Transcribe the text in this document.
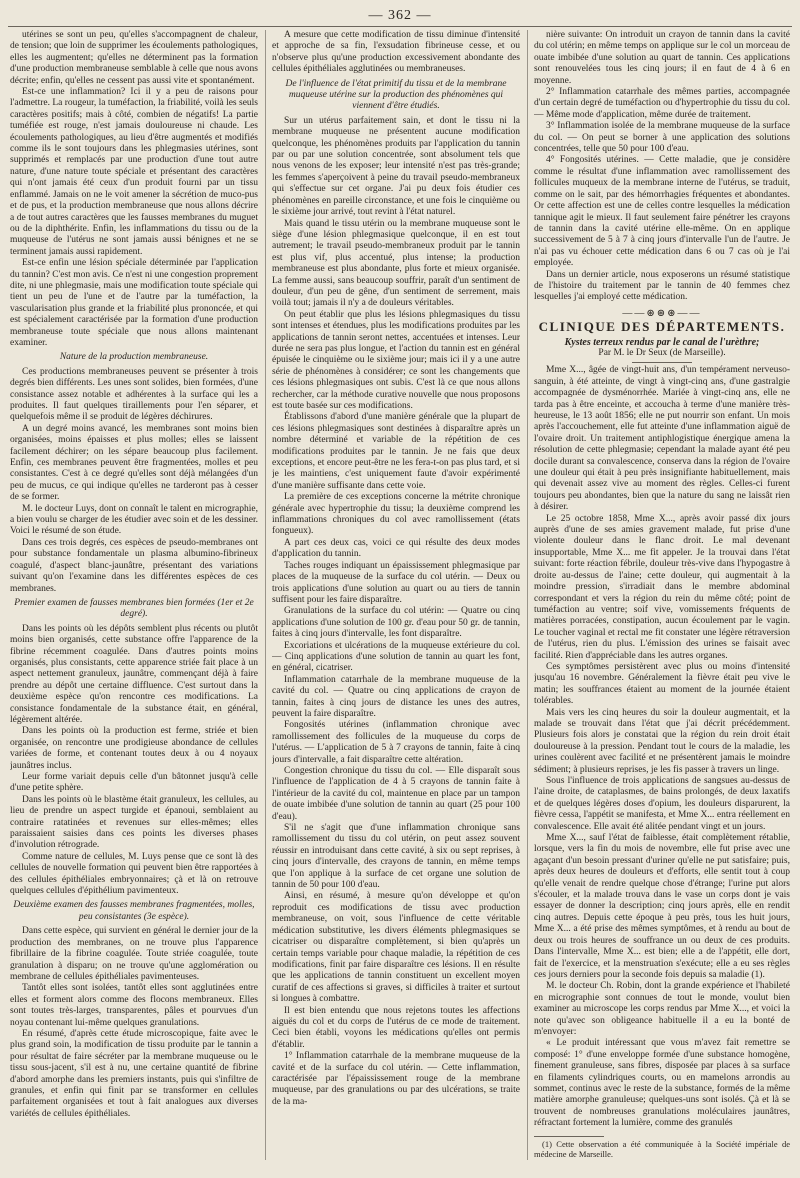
— 362 —

utérines se sont un peu, qu'elles s'accompagnent de chaleur, de tension; que loin de supprimer les écoulements pathologiques, elles les augmentent; qu'elles ne déterminent pas la formation d'une production membraneuse semblable à celle que nous avons décrite; enfin, qu'elles ne cessent pas aussi vite et spontanément.

Est-ce une inflammation? Ici il y a peu de raisons pour l'admettre. La rougeur, la tuméfaction, la friabilité, voilà les seuls caractères positifs; mais à côté, combien de négatifs! La partie tuméfiée est rouge, n'est jamais douloureuse ni chaude. Les écoulements pathologiques, au lieu d'être augmentés et modifiés comme ils le sont toujours dans les phlegmasies utérines, sont supprimés et remplacés par une production d'une tout autre nature, d'une nature toute spéciale et présentant des caractères qui n'ont jamais été ceux d'un produit fourni par un tissu enflammé. Jamais on ne le voit amener la sécrétion de muco-pus et de pus, et la production membraneuse que nous allons décrire a de tout autres caractères que les fausses membranes du muguet ou de la diphthérite. Enfin, les inflammations du tissu ou de la muqueuse de l'utérus ne sont jamais aussi bénignes et ne se terminent jamais aussi rapidement.

Est-ce enfin une lésion spéciale déterminée par l'application du tannin? C'est mon avis. Ce n'est ni une congestion proprement dite, ni une phlegmasie, mais une modification toute spéciale qui tient un peu de l'une et de l'autre par la tuméfaction, la vascularisation plus grande et la friabilité plus prononcée, et qui est spécialement caractérisée par la formation d'une production membraneuse toute spéciale que nous allons maintenant examiner.

Nature de la production membraneuse.

Ces productions membraneuses peuvent se présenter à trois degrés bien différents. Les unes sont solides, bien formées, d'une consistance assez notable et adhérentes à la surface qui les a produites. Il faut quelques tiraillements pour l'en séparer, et quelquefois même il se produit de légères déchirures.

A un degré moins avancé, les membranes sont moins bien organisées, moins épaisses et plus molles; elles se laissent facilement déchirer; on les sépare beaucoup plus facilement. Enfin, ces membranes peuvent être fragmentées, molles et peu consistantes. C'est à ce degré qu'elles sont déjà mélangées d'un peu de mucus, ce qui indique qu'elles ne tarderont pas à cesser de se former.

M. le docteur Luys, dont on connaît le talent en micrographie, a bien voulu se charger de les étudier avec soin et de les dessiner. Voici le résumé de son étude.

Dans ces trois degrés, ces espèces de pseudo-membranes ont pour substance fondamentale un plasma albumino-fibrineux coagulé, d'aspect blanc-jaunâtre, présentant des variations suivant qu'on l'examine dans les différentes espèces de ces membranes.

Premier examen de fausses membranes bien formées (1er et 2e degré).

Dans les points où les dépôts semblent plus récents ou plutôt moins bien organisés, cette substance offre l'apparence de la fibrine récemment coagulée. Dans d'autres points moins organisés, plus consistants, cette apparence striée fait place à un aspect nettement granuleux, jaunâtre, commençant déjà à faire prendre au dépôt une certaine diffluence. C'est surtout dans la deuxième espèce qu'on rencontre ces modifications. La consistance fondamentale de la substance était, en général, légèrement altérée.

Dans les points où la production est ferme, striée et bien organisée, on rencontre une prodigieuse abondance de cellules variées de forme, et contenant toutes deux à ou 4 noyaux jaunâtres inclus.

Leur forme variait depuis celle d'un bâtonnet jusqu'à celle d'une petite sphère.

Dans les points où le blastème était granuleux, les cellules, au lieu de prendre un aspect turgide et épanoui, semblaient au contraire ratatinées et revenues sur elles-mêmes; elles paraissaient saisies dans ces points les diverses phases d'involution rétrograde.

Comme nature de cellules, M. Luys pense que ce sont là des cellules de nouvelle formation qui peuvent bien être rapportées à des cellules épithéliales embryonnaires; çà et là on retrouve quelques cellules d'épithélium pavimenteux.

Deuxième examen des fausses membranes fragmentées, molles, peu consistantes (3e espèce).

Dans cette espèce, qui survient en général le dernier jour de la production des membranes, on ne trouve plus l'apparence fibrillaire de la fibrine coagulée. Toute striée coagulée, toute granulation à disparu; on ne trouve qu'une agglomération ou membrane de cellules épithéliales pavimenteuses.

Tantôt elles sont isolées, tantôt elles sont agglutinées entre elles et forment alors comme des flocons membraneux. Elles sont toutes très-larges, transparentes, pâles et pourvues d'un noyau contenant lui-même quelques granulations.

En résumé, d'après cette étude microscopique, faite avec le plus grand soin, la modification de tissu produite par le tannin a pour résultat de faire sécréter par la membrane muqueuse ou le tissu sous-jacent, s'il est à nu, une certaine quantité de fibrine d'abord amorphe dans les premiers instants, puis qui s'infiltre de granules, et enfin qui finit par se transformer en cellules parfaitement organisées et tout à fait analogues aux diverses variétés de cellules épithéliales.

A mesure que cette modification de tissu diminue d'intensité et approche de sa fin, l'exsudation fibrineuse cesse, et ou n'observe plus qu'une production excessivement abondante des cellules épithéliales agglutinées ou membraneuses.

De l'influence de l'état primitif du tissu et de la membrane muqueuse utérine sur la production des phénomènes qui viennent d'être étudiés.

Sur un utérus parfaitement sain, et dont le tissu ni la membrane muqueuse ne présentent aucune modification quelconque, les phénomènes produits par l'application du tannin par ou par une solution concentrée, sont absolument tels que nous venons de les exposer; leur intensité n'est pas très-grande; les femmes s'aperçoivent à peine du travail pseudo-membraneux qui s'effectue sur cet organe. J'ai pu deux fois étudier ces phénomènes en pareille circonstance, et une fois le cinquième ou le sixième jour arrivé, tout revint à l'état naturel.

Mais quand le tissu utérin ou la membrane muqueuse sont le siège d'une lésion phlegmasique quelconque, il en est tout autrement; le travail pseudo-membraneux produit par le tannin est plus vif, plus accentué, plus intense; la production membraneuse est plus abondante, plus forte et mieux organisée. La femme aussi, sans beaucoup souffrir, paraît d'un sentiment de douleur, d'un peu de gêne, d'un sentiment de serrement, mais voilà tout; jamais il n'y a de douleurs véritables.

On peut établir que plus les lésions phlegmasiques du tissu sont intenses et étendues, plus les modifications produites par les applications de tannin seront nettes, accentuées et intenses. Leur durée ne sera pas plus longue, et l'action du tannin est en général épuisée le cinquième ou le sixième jour; mais ici il y a une autre série de phénomènes à considérer; ce sont les changements que ces lésions phlegmasiques ont subis. C'est là ce que nous allons rechercher, car la méthode curative nouvelle que nous proposons est toute basée sur ces modifications.

Établissons d'abord d'une manière générale que la plupart de ces lésions phlegmasiques sont destinées à disparaître après un nombre déterminé et variable de la répétition de ces modifications produites par le tannin. Je ne fais que deux exceptions, et encore peut-être ne les fera-t-on pas plus tard, et si je les maintiens, c'est uniquement faute d'avoir expérimenté d'une manière suffisante dans cette voie.

La première de ces exceptions concerne la métrite chronique générale avec hypertrophie du tissu; la deuxième comprend les inflammations chroniques du col avec ramollissement (états fongueux).

A part ces deux cas, voici ce qui résulte des deux modes d'application du tannin.

Taches rouges indiquant un épaississement phlegmasique par places de la muqueuse de la surface du col utérin. — Deux ou trois applications d'une solution au quart ou au tiers de tannin suffisent pour les faire disparaître.

Granulations de la surface du col utérin: — Quatre ou cinq applications d'une solution de 100 gr. d'eau pour 50 gr. de tannin, faites à cinq jours d'intervalle, les font disparaître.

Excoriations et ulcérations de la muqueuse extérieure du col. — Cinq applications d'une solution de tannin au quart les font, en général, cicatriser.

Inflammation catarrhale de la membrane muqueuse de la cavité du col. — Quatre ou cinq applications de crayon de tannin, faites à cinq jours de distance les unes des autres, peuvent la faire disparaître.

Fongosités utérines (inflammation chronique avec ramollissement des follicules de la muqueuse du corps de l'utérus. — L'application de 5 à 7 crayons de tannin, faite à cinq jours d'intervalle, a fait disparaître cette altération.

Congestion chronique du tissu du col. — Elle disparaît sous l'influence de l'application de 4 à 5 crayons de tannin faite à l'intérieur de la cavité du col, maintenue en place par un tampon de ouate imbibée d'une solution de tannin au quart (25 pour 100 d'eau).

S'il ne s'agit que d'une inflammation chronique sans ramollissement du tissu du col utérin, on peut assez souvent réussir en introduisant dans cette cavité, à six ou sept reprises, à cinq jours d'intervalle, des crayons de tannin, en même temps que l'on applique à la surface de cet organe une solution de tannin de 50 pour 100 d'eau.

Ainsi, en résumé, à mesure qu'on développe et qu'on reproduit ces modifications de tissu avec production membraneuse, on voit, sous l'influence de cette véritable médication substitutive, les divers éléments phlegmasiques se cicatriser ou disparaître complètement, si bien qu'après un certain temps variable pour chaque maladie, la répétition de ces modifications, finit par faire disparaître ces lésions. Il en résulte que les applications de tannin constituent un excellent moyen curatif de ces affections si graves, si difficiles à traiter et surtout si longues à combattre.

Il est bien entendu que nous rejetons toutes les affections aiguës du col et du corps de l'utérus de ce mode de traitement. Ceci bien établi, voyons les médications qu'elles ont permis d'établir.

1° Inflammation catarrhale de la membrane muqueuse de la cavité et de la surface du col utérin. — Cette inflammation, caractérisée par l'épaississement rouge de la membrane muqueuse, par des granulations ou par des ulcérations, se traite de la ma-

nière suivante: On introduit un crayon de tannin dans la cavité du col utérin; en même temps on applique sur le col un morceau de ouate imbibée d'une solution au quart de tannin. Ces applications sont renouvelées tous les cinq jours; il en faut de 4 à 6 en moyenne.

2° Inflammation catarrhale des mêmes parties, accompagnée d'un certain degré de tuméfaction ou d'hypertrophie du tissu du col. — Même mode d'application, même durée de traitement.

3° Inflammation isolée de la membrane muqueuse de la surface du col. — On peut se borner à une application des solutions concentrées, telle que 50 pour 100 d'eau.

4° Fongosités utérines. — Cette maladie, que je considère comme le résultat d'une inflammation avec ramollissement des follicules muqueux de la membrane interne de l'utérus, se traduit, comme on le sait, par des hémorrhagies fréquentes et abondantes. Or cette affection est une de celles contre lesquelles la médication tannique agit le mieux. Il faut seulement faire pénétrer les crayons de tannin dans la cavité utérine elle-même. On en applique successivement de 5 à 7 à cinq jours d'intervalle l'un de l'autre. Je n'ai pas vu échouer cette médication dans 6 ou 7 cas où je l'ai employée.

Dans un dernier article, nous exposerons un résumé statistique de l'histoire du traitement par le tannin de 40 femmes chez lesquelles j'ai employé cette médication.

——⊛⊛⊛——

CLINIQUE DES DÉPARTEMENTS.

Kystes terreux rendus par le canal de l'urèthre;

Par M. le Dr Seux (de Marseille).

Mme X..., âgée de vingt-huit ans, d'un tempérament nerveuso-sanguin, à été atteinte, de vingt à vingt-cinq ans, d'une gastralgie accompagnée de dysménorrhée. Mariée à vingt-cinq ans, elle ne tarda pas à être enceinte, et accoucha à terme d'une manière très-heureuse, le 13 août 1856; elle ne put nourrir son enfant. Un mois après l'accouchement, elle fut atteinte d'une inflammation aiguë de l'ovaire droit. Un traitement antiphlogistique énergique amena la résolution de cette phlegmasie; cependant la malade ayant été peu docile durant sa convalescence, conserva dans la région de l'ovaire une douleur qui était à peu près insignifiante habituellement, mais qui devenait assez vive au moment des règles. Celles-ci furent toujours peu abondantes, bien que la nature du sang ne laissât rien à désirer.

Le 25 octobre 1858, Mme X..., après avoir passé dix jours auprès d'une de ses amies gravement malade, fut prise d'une violente douleur dans le flanc droit. Le mal devenant insupportable, Mme X... me fit appeler. Je la trouvai dans l'état suivant: forte réaction fébrile, douleur très-vive dans l'hypogastre à droite au-dessus de l'aine; cette douleur, qui augmentait à la moindre pression, s'irradiait dans le membre abdominal correspondant et vers la région du rein du même côté; point de tuméfaction au ventre; soif vive, vomissements fréquents de matières porracées, constipation, aucun écoulement par le vagin. Le toucher vaginal et rectal me fit constater une légère rétraversion de l'utérus, rien du plus. L'émission des urines se faisait avec facilité. Rien d'appréciable dans les autres organes.

Ces symptômes persistèrent avec plus ou moins d'intensité jusqu'au 16 novembre. Généralement la fièvre était peu vive le matin; les souffrances étaient au moment de la journée étaient tolérables.

Mais vers les cinq heures du soir la douleur augmentait, et la malade se trouvait dans l'état que j'ai décrit précédemment. Plusieurs fois alors je constatai que la région du rein droit était douloureuse à la pression. Pendant tout le cours de la maladie, les urines coulèrent avec facilité et ne présentèrent jamais le moindre sédiment; à plusieurs reprises, je les fis passer à travers un linge.

Sous l'influence de trois applications de sangsues au-dessus de l'aine droite, de cataplasmes, de bains prolongés, de deux laxatifs et de quelques légères doses d'opium, les douleurs disparurent, la fièvre cessa, l'appétit se manifesta, et Mme X... entra réellement en convalescence. Elle avait été alitée pendant vingt et un jours.

Mme X..., sauf l'état de faiblesse, était complètement rétablie, lorsque, vers la fin du mois de novembre, elle fut prise avec une agaçant d'un besoin pressant d'uriner qu'elle ne put satisfaire; puis, après deux heures de douleurs et d'efforts, elle sentit tout à coup qu'elle venait de rendre quelque chose d'étrange; l'urine put alors s'écouler, et la malade trouva dans le vase un corps dont je vais essayer de donner la description; cinq jours après, elle en rendit cinq autres. Depuis cette époque à peu près, tous les huit jours, Mme X... a été prise des mêmes symptômes, et à rendu au bout de deux ou trois heures de souffrance un ou deux de ces produits. Dans l'intervalle, Mme X... est bien; elle a de l'appétit, elle dort, fait de l'exercice, et la menstruation s'exécute; elle a eu ses règles ces jours derniers pour la seconde fois depuis sa maladie (1).

M. le docteur Ch. Robin, dont la grande expérience et l'habileté en micrographie sont connues de tout le monde, voulut bien examiner au microscope les corps rendus par Mme X..., et voici la note qu'avec son obligeance habituelle il a eu la bonté de m'envoyer:

« Le produit intéressant que vous m'avez fait remettre se composé: 1° d'une enveloppe formée d'une substance homogène, finement granuleuse, sans fibres, disposée par places à sa surface en filaments cylindriques courts, ou en mamelons arrondis au sommet, continus avec le reste de la substance, formés de la même matière amorphe granuleuse; quelques-uns sont isolés. Çà et là se trouvent de nombreuses granulations moléculaires jaunâtres, réfractant fortement la lumière, comme des granulés

(1) Cette observation a été communiquée à la Société impériale de médecine de Marseille.
